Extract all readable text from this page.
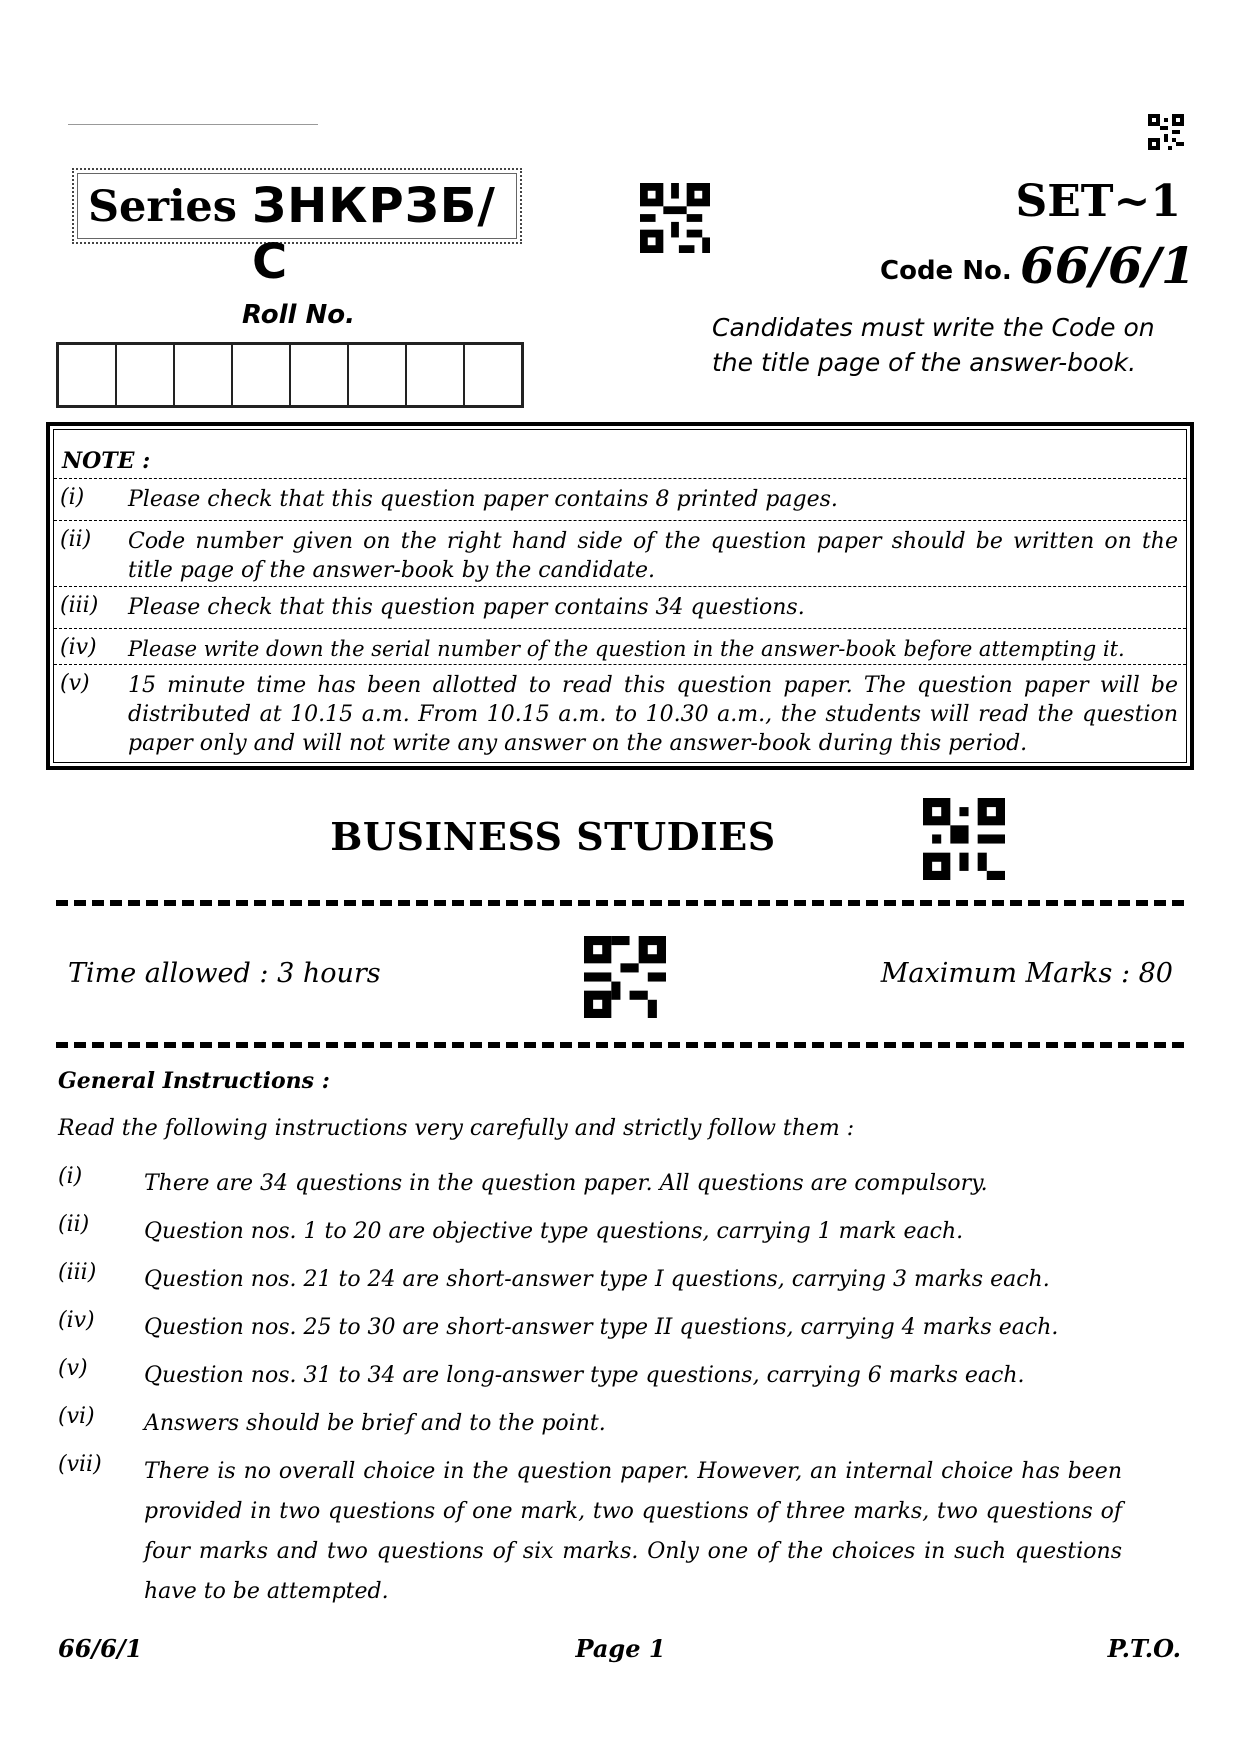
Series ЗНКРЗБ/С
SET~1
Code No. 66/6/1
Roll No.	Candidates must write the Code on the title page of the answer-book.
NOTE :
(i) Please check that this question paper contains 8 printed pages.
(ii) Code number given on the right hand side of the question paper should be written on the title page of the answer-book by the candidate.
(iii) Please check that this question paper contains 34 questions.
(iv) Please write down the serial number of the question in the answer-book before attempting it.
(v) 15 minute time has been allotted to read this question paper. The question paper will be distributed at 10.15 a.m. From 10.15 a.m. to 10.30 a.m., the students will read the question paper only and will not write any answer on the answer-book during this period.
BUSINESS STUDIES
Time allowed : 3 hours	Maximum Marks : 80
General Instructions :
Read the following instructions very carefully and strictly follow them :
(i)	There are 34 questions in the question paper. All questions are compulsory.
(ii) Question nos. 1 to 20 are objective type questions, carrying 1 mark each.
(iii) Question nos. 21 to 24 are short-answer type I questions, carrying 3 marks each.
(iv) Question nos. 25 to 30 are short-answer type II questions, carrying 4 marks each.
(v)	Question nos. 31 to 34 are long-answer type questions, carrying 6 marks each.
(vi) Answers should be brief and to the point.
(vii) There is no overall choice in the question paper. However, an internal choice has been provided in two questions of one mark, two questions of three marks, two questions of four marks and two questions of six marks. Only one of the choices in such questions have to be attempted.
66/6/1	Page 1	P.T.O.
